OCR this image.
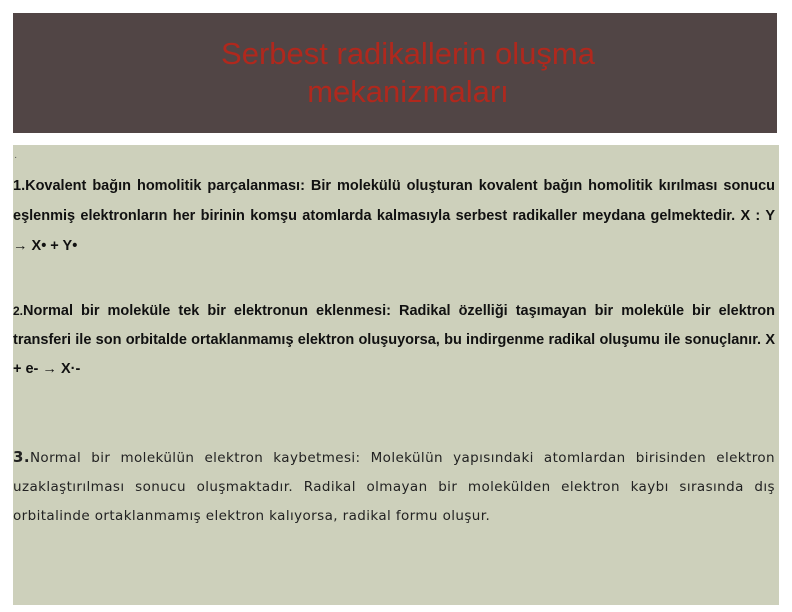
Serbest radikallerin oluşma
mekanizmaları
·

1.Kovalent bağın homolitik parçalanması: Bir molekülü oluşturan kovalent bağın homolitik kırılması sonucu eşlenmiş elektronların her birinin komşu atomlarda kalmasıyla serbest radikaller meydana gelmektedir. X : Y → X• + Y•

2.Normal bir moleküle tek bir elektronun eklenmesi: Radikal özelliği taşımayan bir moleküle bir elektron transferi ile son orbitalde ortaklanmamış elektron oluşuyorsa, bu indirgenme radikal oluşumu ile sonuçlanır. X + e- → X·-

3.Normal bir molekülün elektron kaybetmesi: Molekülün yapısındaki atomlardan birisinden elektron uzaklaştırılması sonucu oluşmaktadır. Radikal olmayan bir molekülden elektron kaybı sırasında dış orbitalinde ortaklanmamış elektron kalıyorsa, radikal formu oluşur.
